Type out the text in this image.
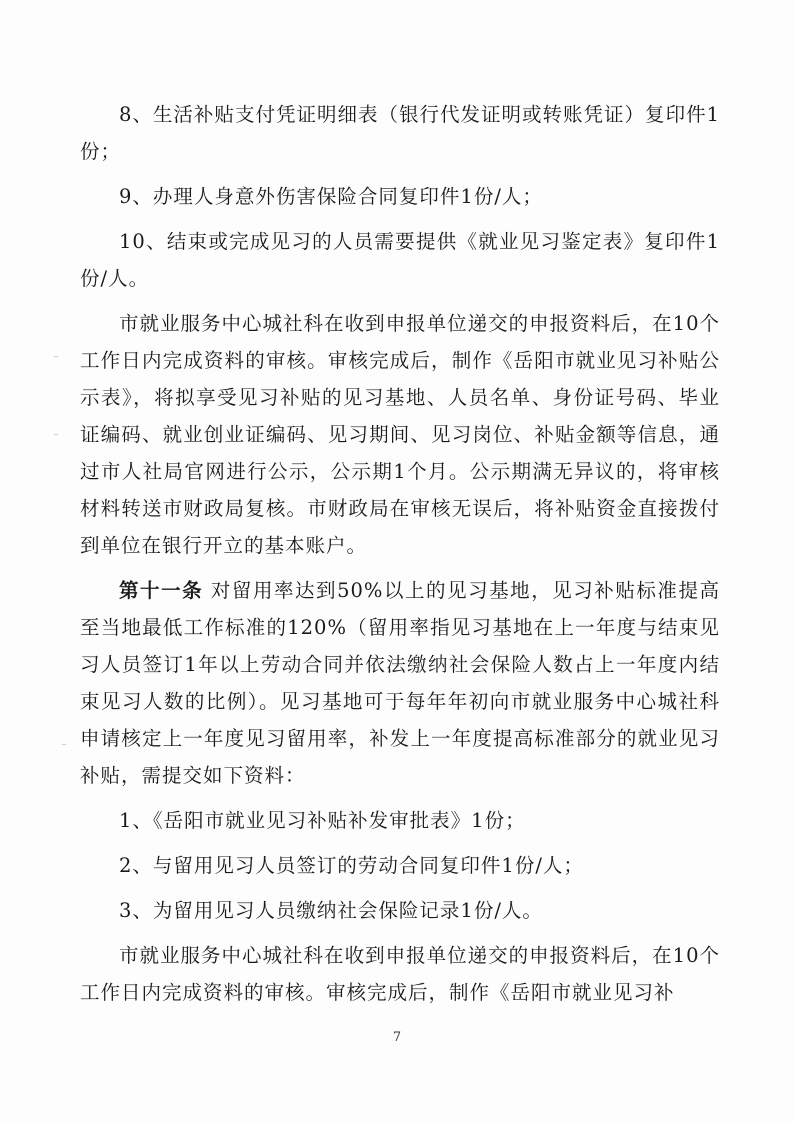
8、生活补贴支付凭证明细表（银行代发证明或转账凭证）复印件1份；

9、办理人身意外伤害保险合同复印件1份/人；

10、结束或完成见习的人员需要提供《就业见习鉴定表》复印件1份/人。

市就业服务中心城社科在收到申报单位递交的申报资料后，在10个工作日内完成资料的审核。审核完成后，制作《岳阳市就业见习补贴公示表》，将拟享受见习补贴的见习基地、人员名单、身份证号码、毕业证编码、就业创业证编码、见习期间、见习岗位、补贴金额等信息，通过市人社局官网进行公示，公示期1个月。公示期满无异议的，将审核材料转送市财政局复核。市财政局在审核无误后，将补贴资金直接拨付到单位在银行开立的基本账户。

第十一条 对留用率达到50%以上的见习基地，见习补贴标准提高至当地最低工作标准的120%（留用率指见习基地在上一年度与结束见习人员签订1年以上劳动合同并依法缴纳社会保险人数占上一年度内结束见习人数的比例）。见习基地可于每年年初向市就业服务中心城社科申请核定上一年度见习留用率，补发上一年度提高标准部分的就业见习补贴，需提交如下资料：

1、《岳阳市就业见习补贴补发审批表》1份；

2、与留用见习人员签订的劳动合同复印件1份/人；

3、为留用见习人员缴纳社会保险记录1份/人。

市就业服务中心城社科在收到申报单位递交的申报资料后，在10个工作日内完成资料的审核。审核完成后，制作《岳阳市就业见习补

7
